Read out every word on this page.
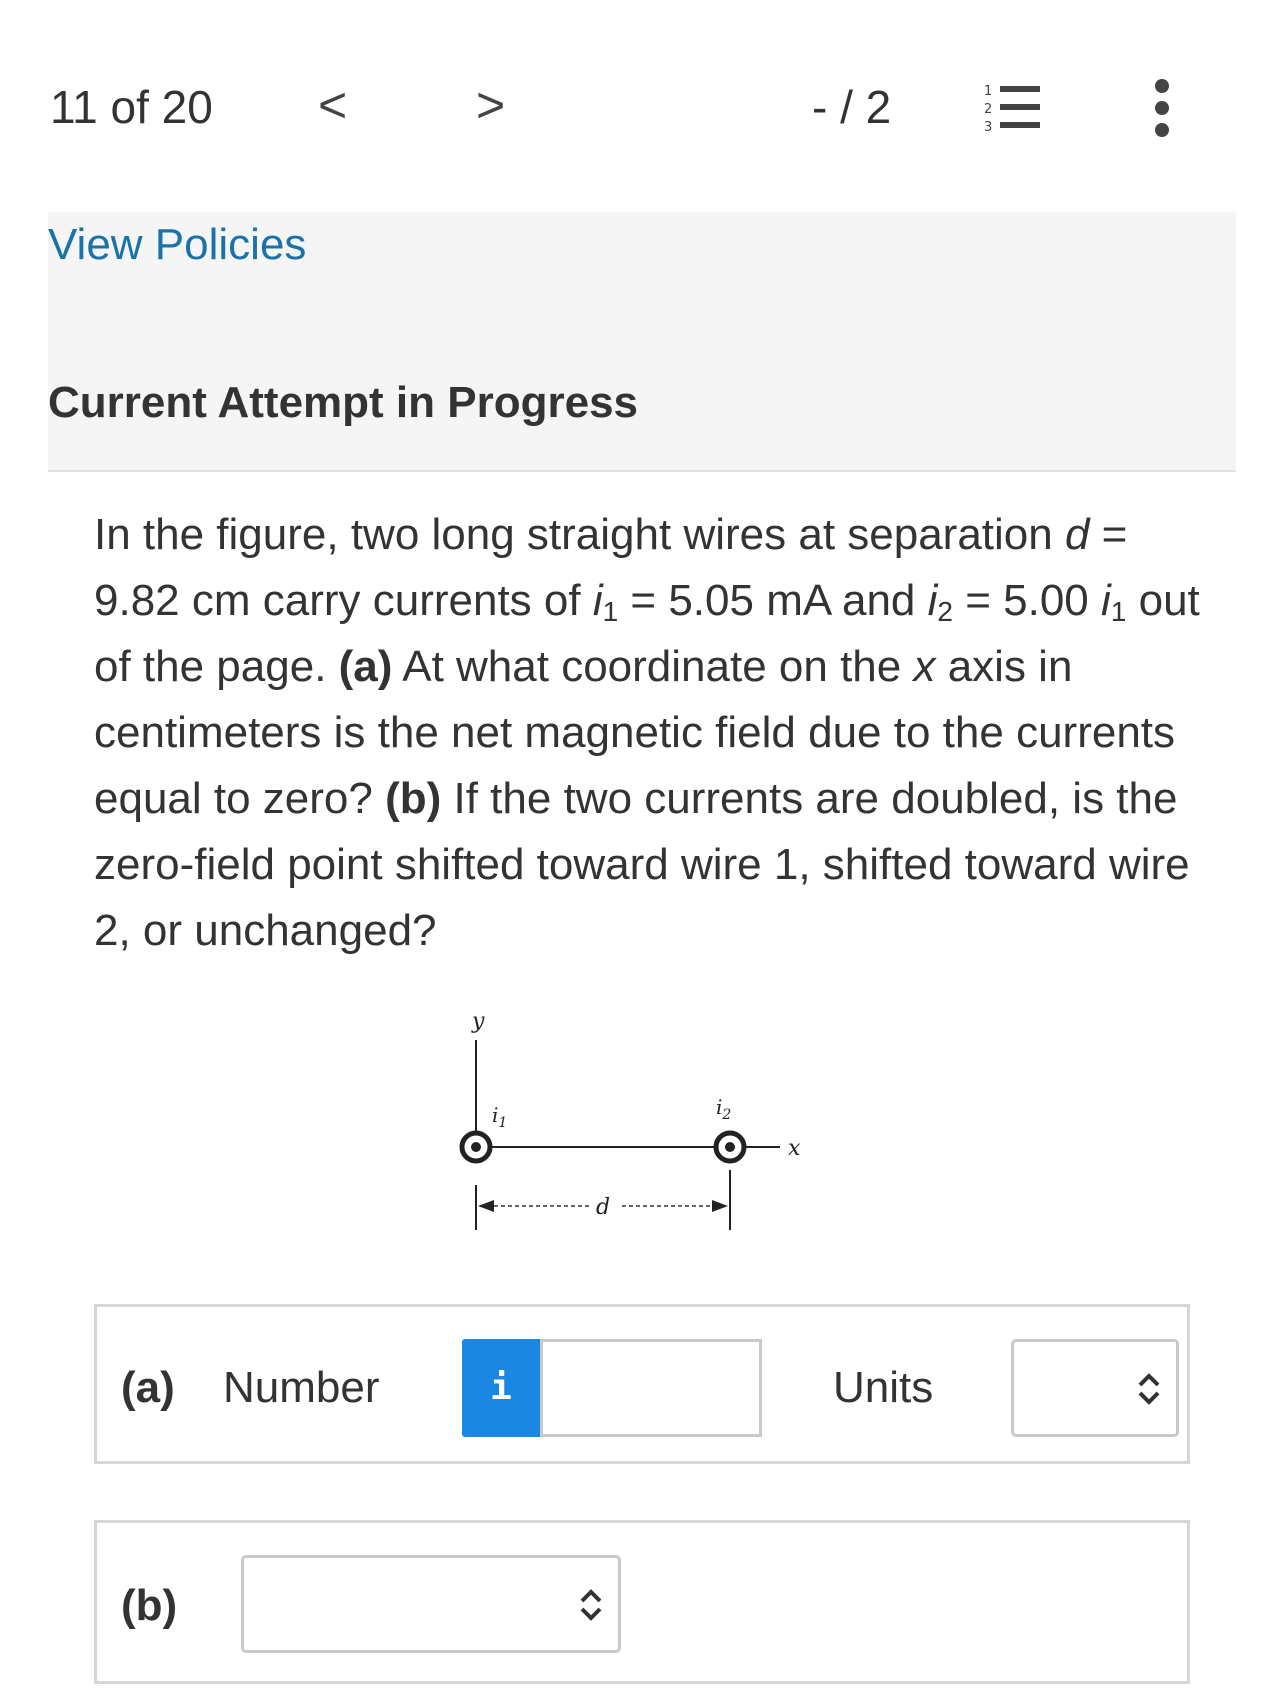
11 of 20 <	>	- / 2	1
2
3
View Policies
Current Attempt in Progress
In the figure, two long straight wires at separation d = 9.82 cm carry currents of $i_1 = 5.05$ mA and $i_2 = 5.00$ $i_1$ out of the page. (a) At what coordinate on the x axis in centimeters is the net magnetic field due to the currents equal to zero? (b) If the two currents are doubled, is the zero-field point shifted toward wire 1, shifted toward wire 2, or unchanged?
y
x
$i_1$
$i_2$
d
(a) Number	i	Units
(b)
